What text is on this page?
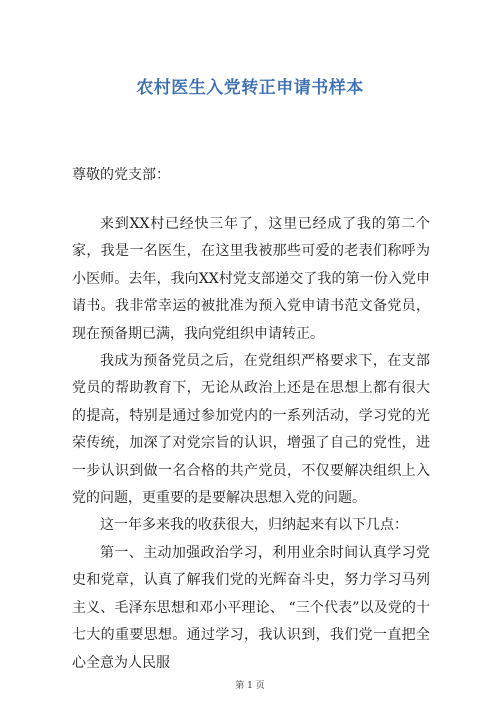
农村医生入党转正申请书样本
尊敬的党支部：

来到XX村已经快三年了，这里已经成了我的第二个家，我是一名医生，在这里我被那些可爱的老表们称呼为小医师。去年，我向XX村党支部递交了我的第一份入党申请书。我非常幸运的被批准为预入党申请书范文备党员，现在预备期已满，我向党组织申请转正。

我成为预备党员之后，在党组织严格要求下，在支部党员的帮助教育下，无论从政治上还是在思想上都有很大的提高，特别是通过参加党内的一系列活动，学习党的光荣传统，加深了对党宗旨的认识，增强了自己的党性，进一步认识到做一名合格的共产党员，不仅要解决组织上入党的问题，更重要的是要解决思想入党的问题。

这一年多来我的收获很大，归纳起来有以下几点：

第一、主动加强政治学习，利用业余时间认真学习党史和党章，认真了解我们党的光辉奋斗史，努力学习马列主义、毛泽东思想和邓小平理论、 “三个代表”以及党的十七大的重要思想。通过学习，我认识到，我们党一直把全心全意为人民服

第 1 页
